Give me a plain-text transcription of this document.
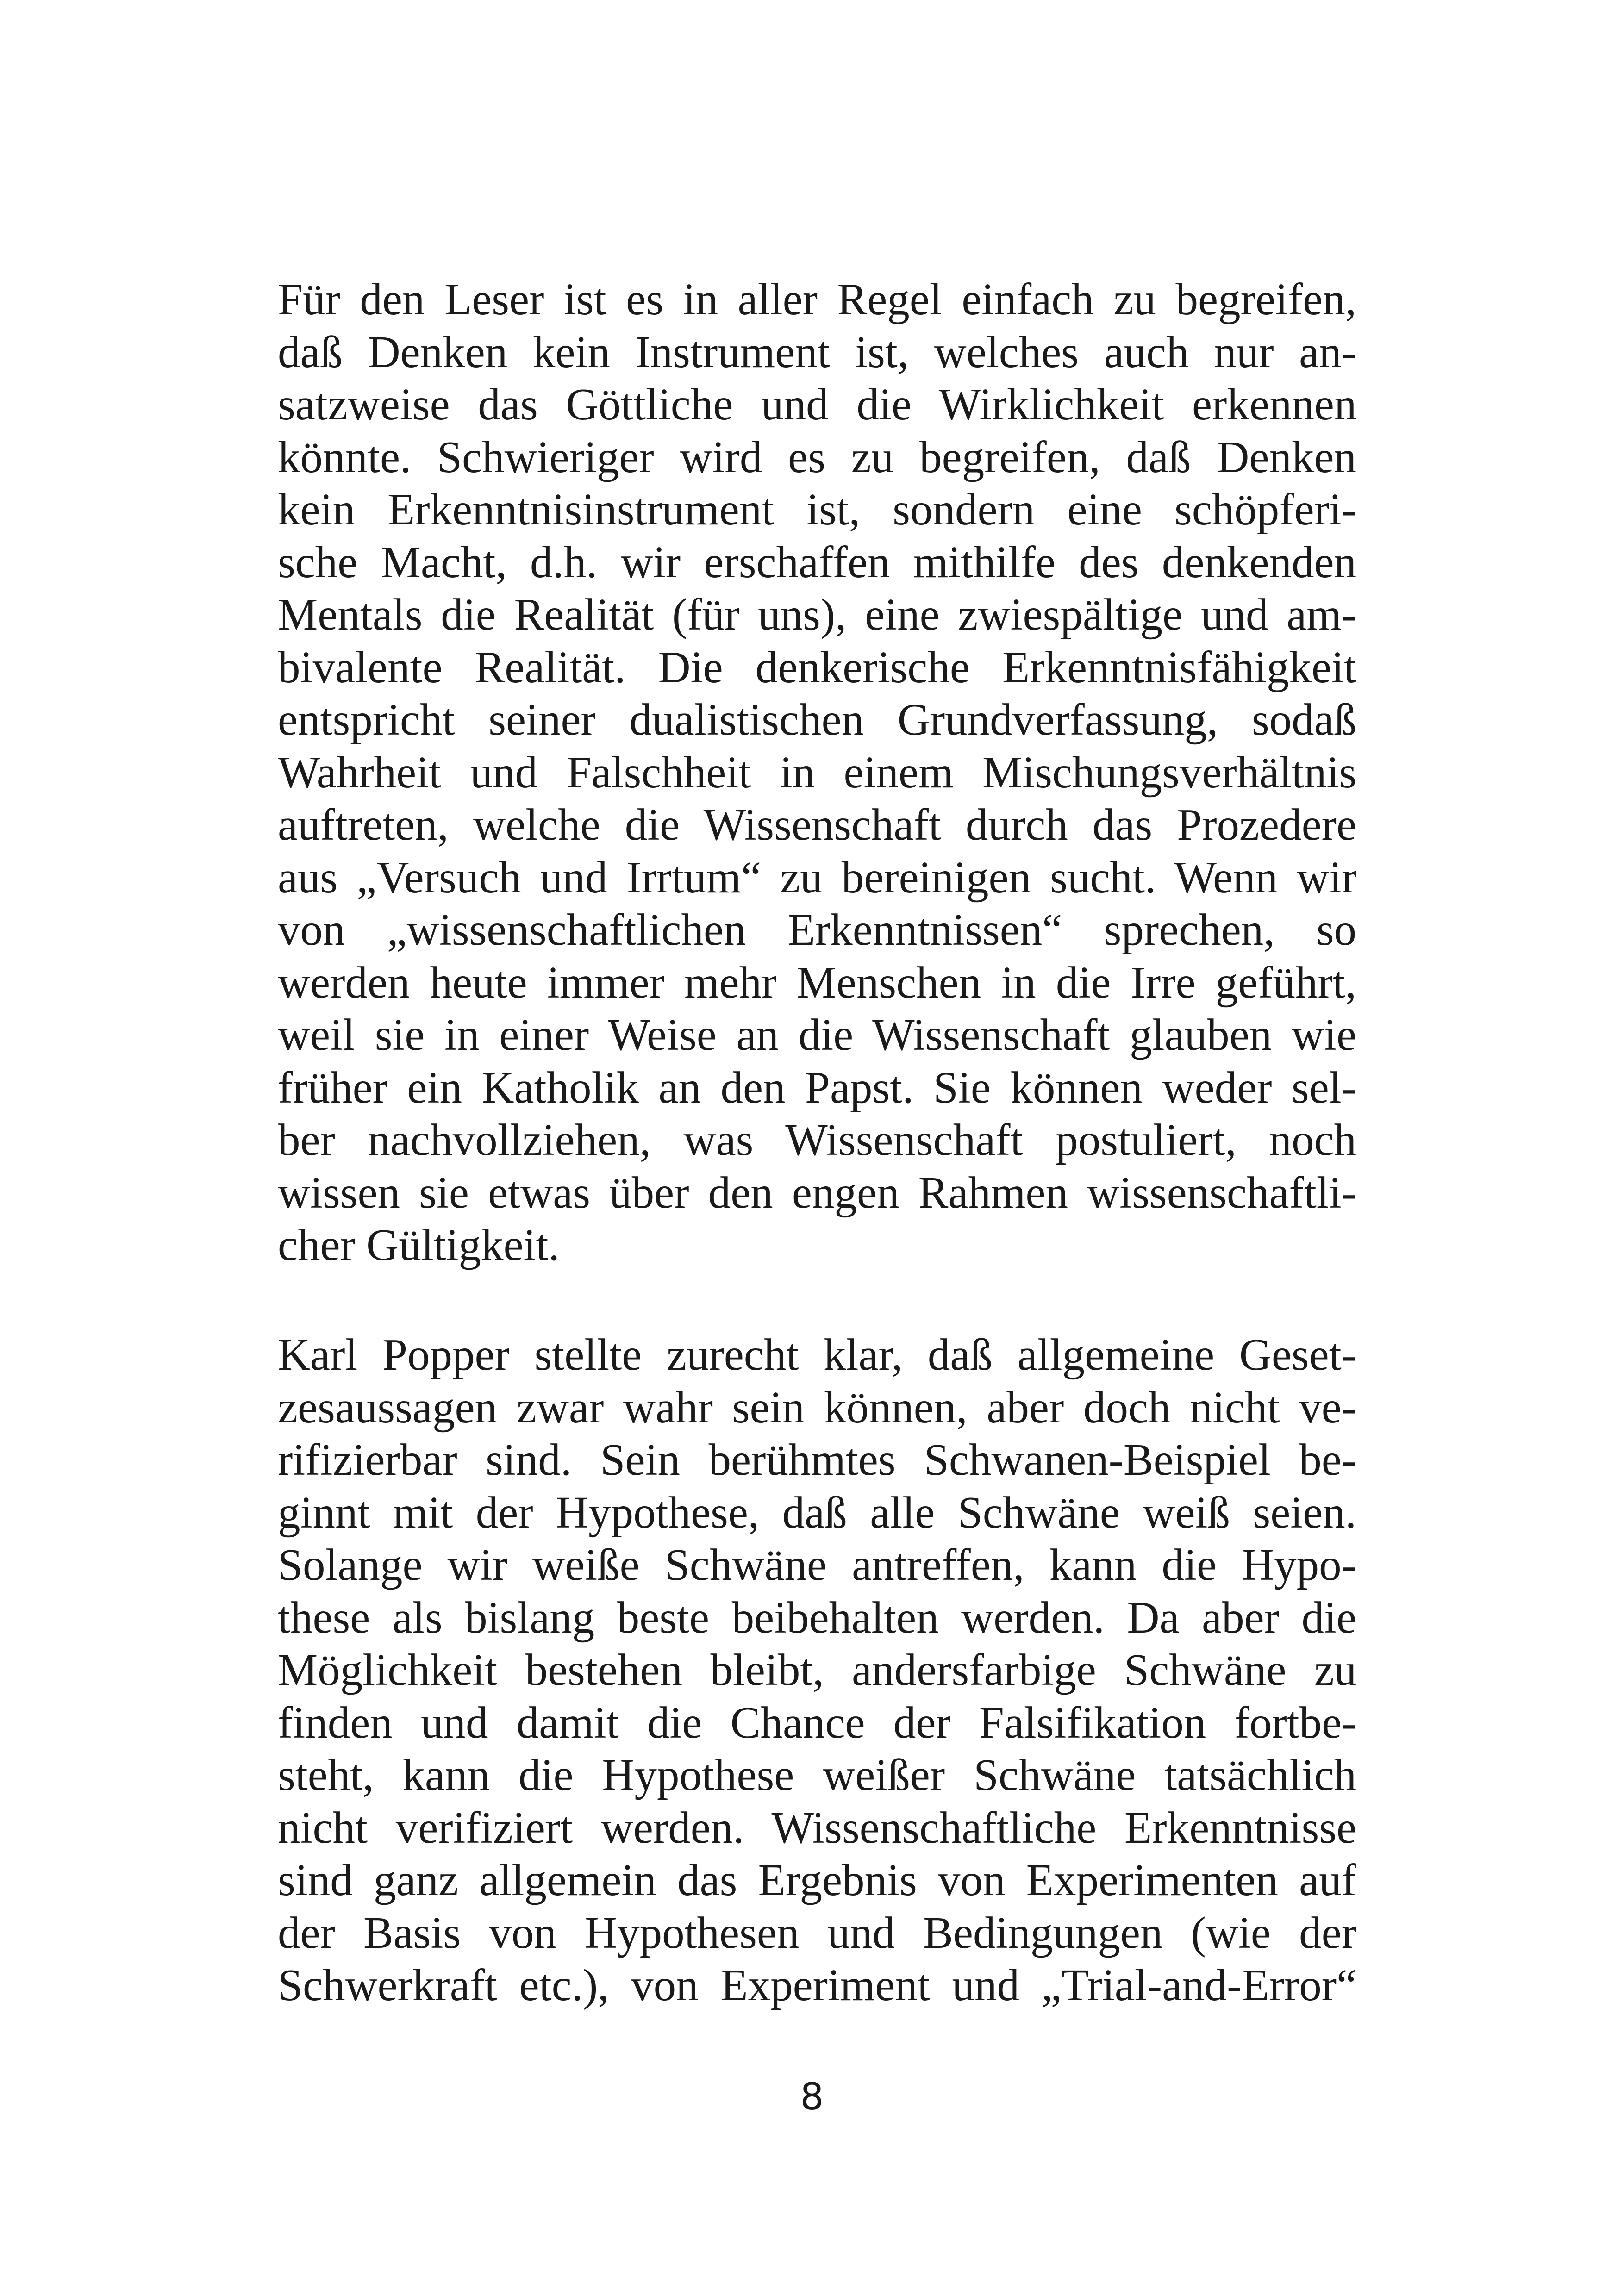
Für den Leser ist es in aller Regel einfach zu begreifen,
daß Denken kein Instrument ist, welches auch nur an-
satzweise das Göttliche und die Wirklichkeit erkennen
könnte. Schwieriger wird es zu begreifen, daß Denken
kein Erkenntnisinstrument ist, sondern eine schöpferi-
sche Macht, d.h. wir erschaffen mithilfe des denkenden
Mentals die Realität (für uns), eine zwiespältige und am-
bivalente Realität. Die denkerische Erkenntnisfähigkeit
entspricht seiner dualistischen Grundverfassung, sodaß
Wahrheit und Falschheit in einem Mischungsverhältnis
auftreten, welche die Wissenschaft durch das Prozedere
aus „Versuch und Irrtum“ zu bereinigen sucht. Wenn wir
von „wissenschaftlichen Erkenntnissen“ sprechen, so
werden heute immer mehr Menschen in die Irre geführt,
weil sie in einer Weise an die Wissenschaft glauben wie
früher ein Katholik an den Papst. Sie können weder sel-
ber nachvollziehen, was Wissenschaft postuliert, noch
wissen sie etwas über den engen Rahmen wissenschaftli-
cher Gültigkeit.
Karl Popper stellte zurecht klar, daß allgemeine Geset-
zesaussagen zwar wahr sein können, aber doch nicht ve-
rifizierbar sind. Sein berühmtes Schwanen-Beispiel be-
ginnt mit der Hypothese, daß alle Schwäne weiß seien.
Solange wir weiße Schwäne antreffen, kann die Hypo-
these als bislang beste beibehalten werden. Da aber die
Möglichkeit bestehen bleibt, andersfarbige Schwäne zu
finden und damit die Chance der Falsifikation fortbe-
steht, kann die Hypothese weißer Schwäne tatsächlich
nicht verifiziert werden. Wissenschaftliche Erkenntnisse
sind ganz allgemein das Ergebnis von Experimenten auf
der Basis von Hypothesen und Bedingungen (wie der
Schwerkraft etc.), von Experiment und „Trial-and-Error“
8
